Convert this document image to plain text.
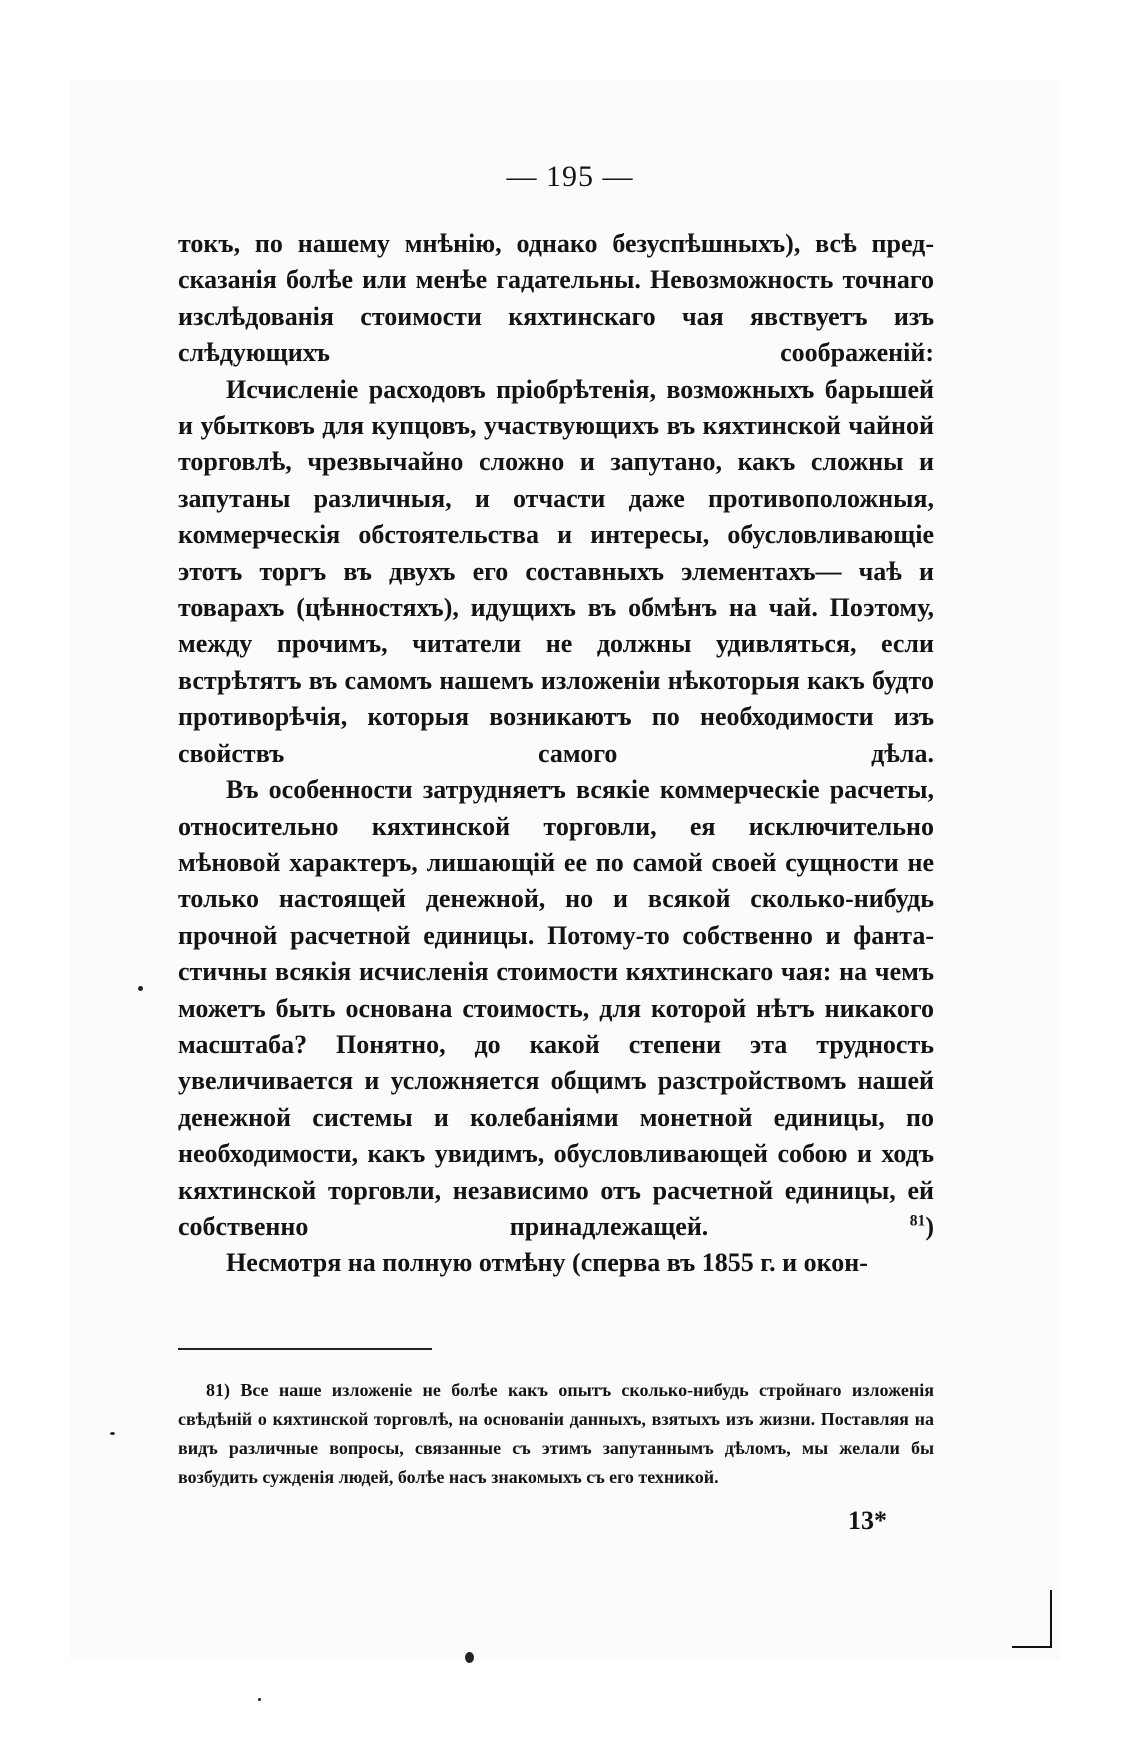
— 195 —

токъ, по нашему мнѣнію, однако безуспѣшныхъ), всѣ предсказанія болѣе или менѣе гадательны. Невозможность точнаго изслѣдованія стоимости кяхтинскаго чая явствуетъ изъ слѣдующихъ соображеній:

Исчисленіе расходовъ пріобрѣтенія, возможныхъ барышей и убытковъ для купцовъ, участвующихъ въ кяхтинской чайной торговлѣ, чрезвычайно сложно и запутано, какъ сложны и запутаны различныя, и отчасти даже противоположныя, коммерческія обстоятельства и интересы, обусловливающіе этотъ торгъ въ двухъ его составныхъ элементахъ— чаѣ и товарахъ (цѣнностяхъ), идущихъ въ обмѣнъ на чай. Поэтому, между прочимъ, читатели не должны удивляться, если встрѣтятъ въ самомъ нашемъ изложеніи нѣкоторыя какъ будто противорѣчія, которыя возникаютъ по необходимости изъ свойствъ самого дѣла.

Въ особенности затрудняетъ всякіе коммерческіе расчеты, относительно кяхтинской торговли, ея исключительно мѣновой характеръ, лишающій ее по самой своей сущности не только настоящей денежной, но и всякой сколько-нибудь прочной расчетной единицы. Потому-то собственно и фантастичны всякія исчисленія стоимости кяхтинскаго чая: на чемъ можетъ быть основана стоимость, для которой нѣтъ никакого масштаба? Понятно, до какой степени эта трудность увеличивается и усложняется общимъ разстройствомъ нашей денежной системы и колебаніями монетной единицы, по необходимости, какъ увидимъ, обусловливающей собою и ходъ кяхтинской торговли, независимо отъ расчетной единицы, ей собственно принадлежащей.	$^{81}$)

Несмотря на полную отмѣну (сперва въ 1855 г. и окон-

81) Все наше изложеніе не болѣе какъ опытъ сколько-нибудь стройнаго изложенія свѣдѣній о кяхтинской торговлѣ, на основаніи данныхъ, взятыхъ изъ жизни. Поставляя на видъ различные вопросы, связанные съ этимъ запутаннымъ дѣломъ, мы желали бы возбудить сужденія людей, болѣе насъ знакомыхъ съ его техникой.

13*
